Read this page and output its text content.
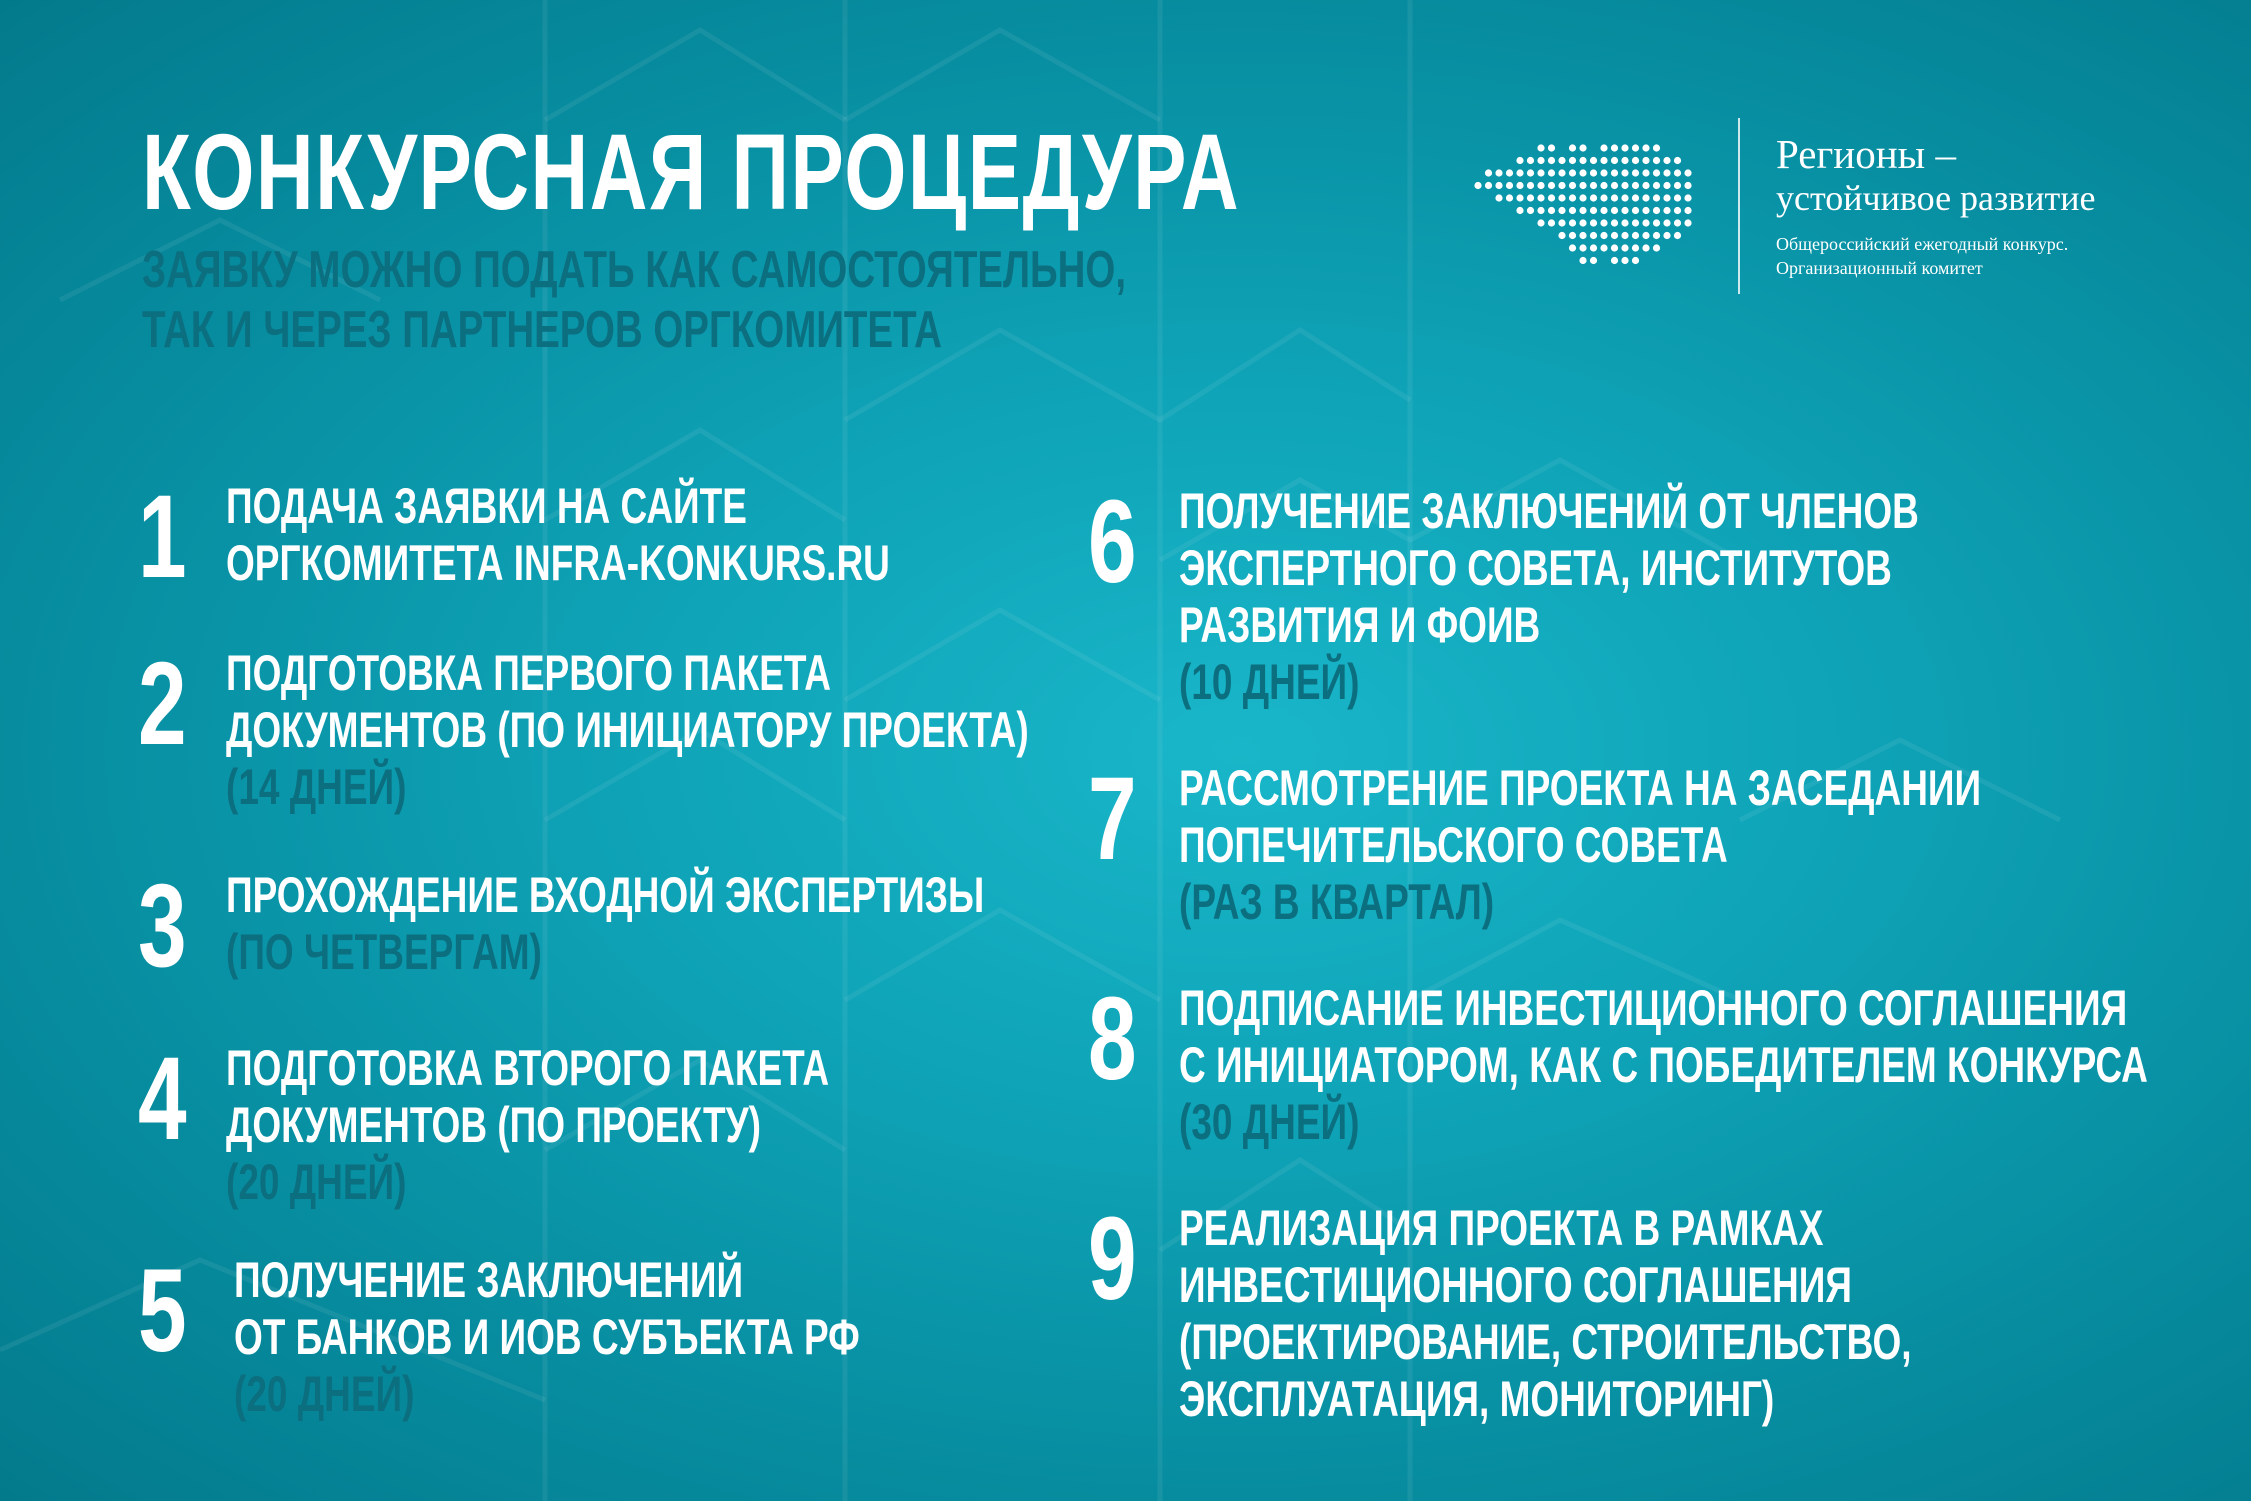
КОНКУРСНАЯ ПРОЦЕДУРА
ЗАЯВКУ МОЖНО ПОДАТЬ КАК САМОСТОЯТЕЛЬНО,
ТАК И ЧЕРЕЗ ПАРТНЕРОВ ОРГКОМИТЕТА
Регионы –
устойчивое развитие
Общероссийский ежегодный конкурс.
Организационный комитет
1 ПОДАЧА ЗАЯВКИ НА САЙТЕ
ОРГКОМИТЕТА INFRA-KONKURS.RU
2 ПОДГОТОВКА ПЕРВОГО ПАКЕТА
ДОКУМЕНТОВ (ПО ИНИЦИАТОРУ ПРОЕКТА)
(14 ДНЕЙ)
3 ПРОХОЖДЕНИЕ ВХОДНОЙ ЭКСПЕРТИЗЫ
(ПО ЧЕТВЕРГАМ)
4 ПОДГОТОВКА ВТОРОГО ПАКЕТА
ДОКУМЕНТОВ (ПО ПРОЕКТУ)
(20 ДНЕЙ)
5 ПОЛУЧЕНИЕ ЗАКЛЮЧЕНИЙ
ОТ БАНКОВ И ИОВ СУБЪЕКТА РФ
(20 ДНЕЙ)
6 ПОЛУЧЕНИЕ ЗАКЛЮЧЕНИЙ ОТ ЧЛЕНОВ
ЭКСПЕРТНОГО СОВЕТА, ИНСТИТУТОВ
РАЗВИТИЯ И ФОИВ
(10 ДНЕЙ)
7 РАССМОТРЕНИЕ ПРОЕКТА НА ЗАСЕДАНИИ
ПОПЕЧИТЕЛЬСКОГО СОВЕТА
(РАЗ В КВАРТАЛ)
8 ПОДПИСАНИЕ ИНВЕСТИЦИОННОГО СОГЛАШЕНИЯ
С ИНИЦИАТОРОМ, КАК С ПОБЕДИТЕЛЕМ КОНКУРСА
(30 ДНЕЙ)
9 РЕАЛИЗАЦИЯ ПРОЕКТА В РАМКАХ
ИНВЕСТИЦИОННОГО СОГЛАШЕНИЯ
(ПРОЕКТИРОВАНИЕ, СТРОИТЕЛЬСТВО,
ЭКСПЛУАТАЦИЯ, МОНИТОРИНГ)
